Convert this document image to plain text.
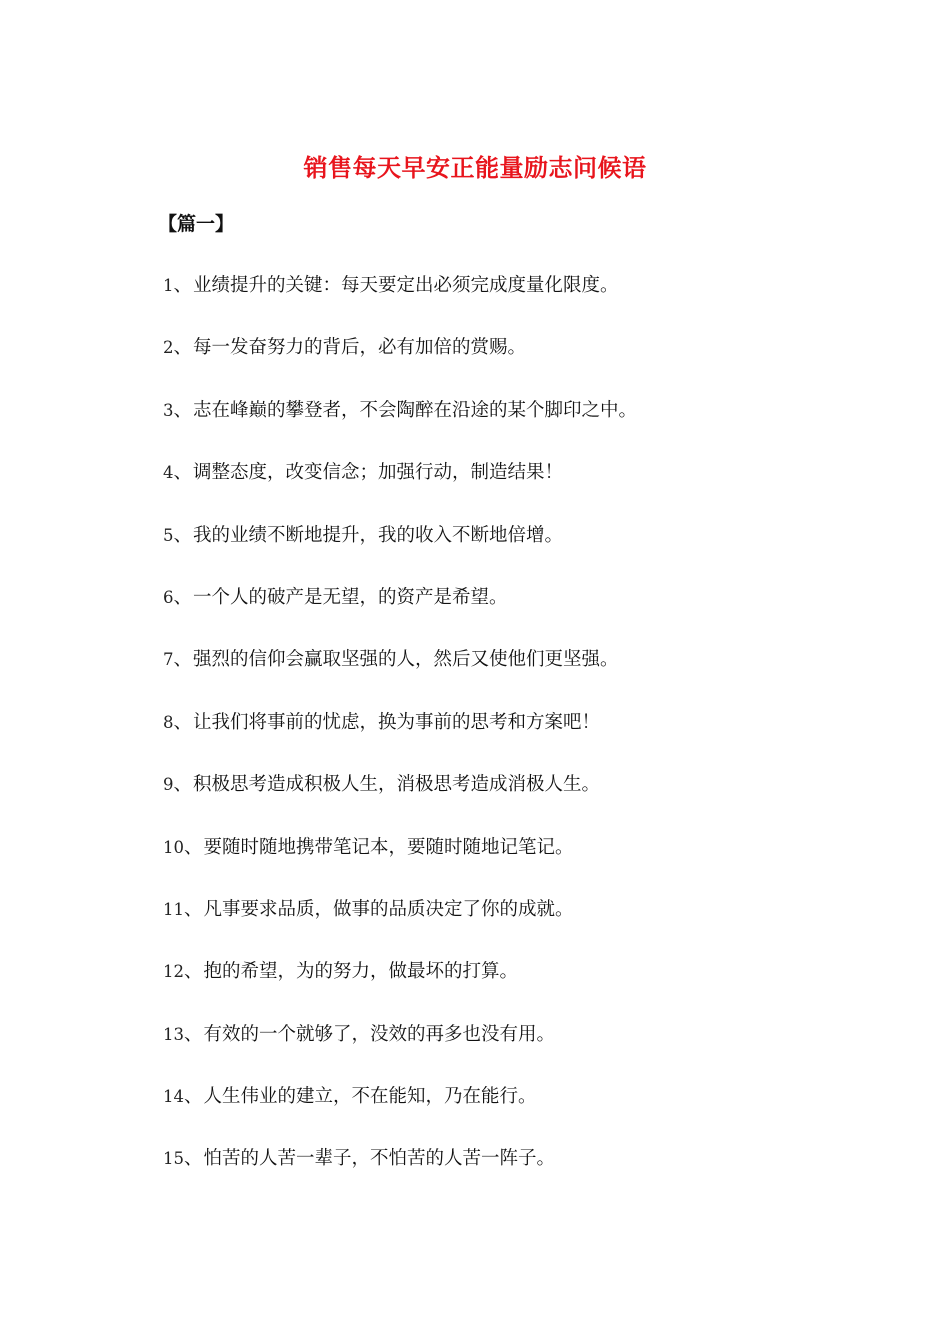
销售每天早安正能量励志问候语
【篇一】
1、业绩提升的关键：每天要定出必须完成度量化限度。
2、每一发奋努力的背后，必有加倍的赏赐。
3、志在峰巅的攀登者，不会陶醉在沿途的某个脚印之中。
4、调整态度，改变信念；加强行动，制造结果！
5、我的业绩不断地提升，我的收入不断地倍增。
6、一个人的破产是无望，的资产是希望。
7、强烈的信仰会赢取坚强的人，然后又使他们更坚强。
8、让我们将事前的忧虑，换为事前的思考和方案吧！
9、积极思考造成积极人生，消极思考造成消极人生。
10、要随时随地携带笔记本，要随时随地记笔记。
11、凡事要求品质，做事的品质决定了你的成就。
12、抱的希望，为的努力，做最坏的打算。
13、有效的一个就够了，没效的再多也没有用。
14、人生伟业的建立，不在能知，乃在能行。
15、怕苦的人苦一辈子，不怕苦的人苦一阵子。
